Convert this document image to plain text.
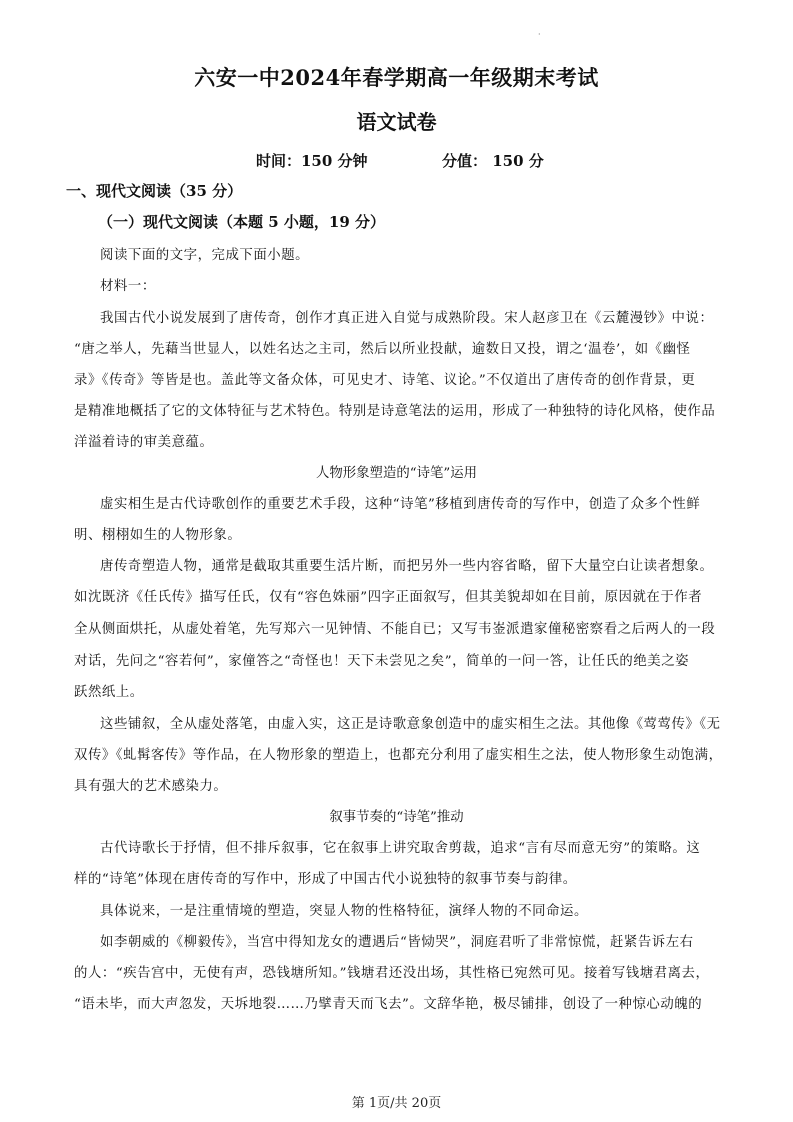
·
六安一中2024年春学期高一年级期末考试
语文试卷
时间：150 分钟	分值： 150 分
一、现代文阅读（35 分）
（一）现代文阅读（本题 5 小题，19 分）
阅读下面的文字，完成下面小题。
材料一：
我国古代小说发展到了唐传奇，创作才真正进入自觉与成熟阶段。宋人赵彦卫在《云麓漫钞》中说：
“唐之举人，先藉当世显人，以姓名达之主司，然后以所业投献，逾数日又投，谓之‘温卷’，如《幽怪
录》《传奇》等皆是也。盖此等文备众体，可见史才、诗笔、议论。”不仅道出了唐传奇的创作背景，更
是精准地概括了它的文体特征与艺术特色。特别是诗意笔法的运用，形成了一种独特的诗化风格，使作品
洋溢着诗的审美意蕴。
人物形象塑造的“诗笔”运用
虚实相生是古代诗歌创作的重要艺术手段，这种“诗笔”移植到唐传奇的写作中，创造了众多个性鲜
明、栩栩如生的人物形象。
唐传奇塑造人物，通常是截取其重要生活片断，而把另外一些内容省略，留下大量空白让读者想象。
如沈既济《任氏传》描写任氏，仅有“容色姝丽”四字正面叙写，但其美貌却如在目前，原因就在于作者
全从侧面烘托，从虚处着笔，先写郑六一见钟情、不能自已；又写韦崟派遣家僮秘密察看之后两人的一段
对话，先问之“容若何”，家僮答之“奇怪也！天下未尝见之矣”，简单的一问一答，让任氏的绝美之姿
跃然纸上。
这些铺叙，全从虚处落笔，由虚入实，这正是诗歌意象创造中的虚实相生之法。其他像《莺莺传》《无
双传》《虬髯客传》等作品，在人物形象的塑造上，也都充分利用了虚实相生之法，使人物形象生动饱满，
具有强大的艺术感染力。
叙事节奏的“诗笔”推动
古代诗歌长于抒情，但不排斥叙事，它在叙事上讲究取舍剪裁，追求“言有尽而意无穷”的策略。这
样的“诗笔”体现在唐传奇的写作中，形成了中国古代小说独特的叙事节奏与韵律。
具体说来，一是注重情境的塑造，突显人物的性格特征，演绎人物的不同命运。
如李朝威的《柳毅传》，当宫中得知龙女的遭遇后“皆恸哭”，洞庭君听了非常惊慌，赶紧告诉左右
的人：“疾告宫中，无使有声，恐钱塘所知。”钱塘君还没出场，其性格已宛然可见。接着写钱塘君离去，
“语未毕，而大声忽发，天坼地裂……乃擘青天而飞去”。文辞华艳，极尽铺排，创设了一种惊心动魄的
第 1页/共 20页
